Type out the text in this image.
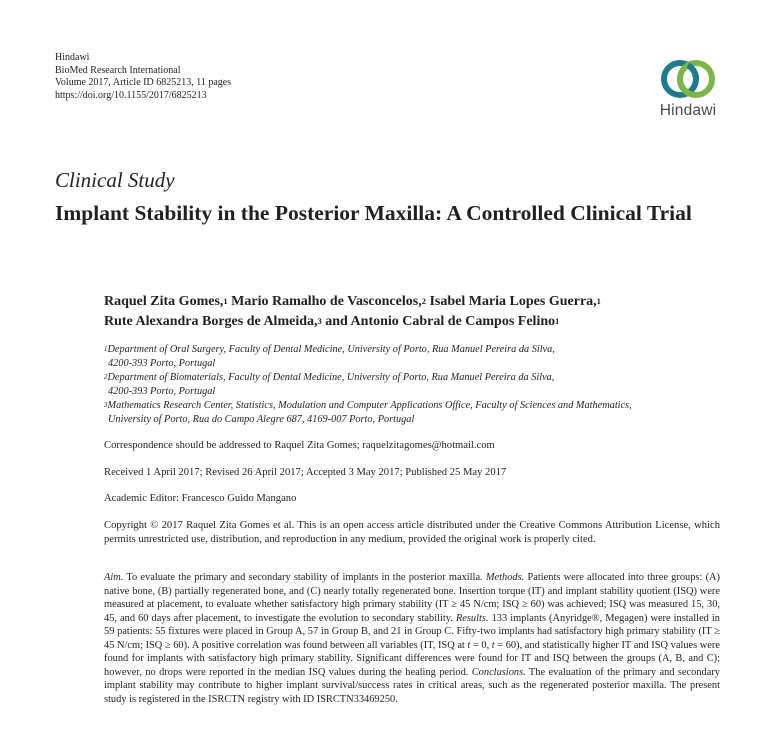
Hindawi
BioMed Research International
Volume 2017, Article ID 6825213, 11 pages
https://doi.org/10.1155/2017/6825213
Hindawi
Clinical Study
Implant Stability in the Posterior Maxilla: A Controlled Clinical Trial
Raquel Zita Gomes,$^1$ Mario Ramalho de Vasconcelos,$^2$ Isabel Maria Lopes Guerra,$^1$
Rute Alexandra Borges de Almeida,$^3$ and Antonio Cabral de Campos Felino$^1$
$^1$Department of Oral Surgery, Faculty of Dental Medicine, University of Porto, Rua Manuel Pereira da Silva,
4200-393 Porto, Portugal
$^2$Department of Biomaterials, Faculty of Dental Medicine, University of Porto, Rua Manuel Pereira da Silva,
4200-393 Porto, Portugal
$^3$Mathematics Research Center, Statistics, Modulation and Computer Applications Office, Faculty of Sciences and Mathematics,
University of Porto, Rua do Campo Alegre 687, 4169-007 Porto, Portugal
Correspondence should be addressed to Raquel Zita Gomes; raquelzitagomes@hotmail.com
Received 1 April 2017; Revised 26 April 2017; Accepted 3 May 2017; Published 25 May 2017
Academic Editor: Francesco Guido Mangano
Copyright © 2017 Raquel Zita Gomes et al. This is an open access article distributed under the Creative Commons Attribution License, which permits unrestricted use, distribution, and reproduction in any medium, provided the original work is properly cited.
Aim. To evaluate the primary and secondary stability of implants in the posterior maxilla. Methods. Patients were allocated into three groups: (A) native bone, (B) partially regenerated bone, and (C) nearly totally regenerated bone. Insertion torque (IT) and implant stability quotient (ISQ) were measured at placement, to evaluate whether satisfactory high primary stability (IT ≥ 45 N/cm; ISQ ≥ 60) was achieved; ISQ was measured 15, 30, 45, and 60 days after placement, to investigate the evolution to secondary stability. Results. 133 implants (Anyridge®, Megagen) were installed in 59 patients: 55 fixtures were placed in Group A, 57 in Group B, and 21 in Group C. Fifty-two implants had satisfactory high primary stability (IT ≥ 45 N/cm; ISQ ≥ 60). A positive correlation was found between all variables (IT, ISQ at t = 0, t = 60), and statistically higher IT and ISQ values were found for implants with satisfactory high primary stability. Significant differences were found for IT and ISQ between the groups (A, B, and C); however, no drops were reported in the median ISQ values during the healing period. Conclusions. The evaluation of the primary and secondary implant stability may contribute to higher implant survival/success rates in critical areas, such as the regenerated posterior maxilla. The present study is registered in the ISRCTN registry with ID ISRCTN33469250.
